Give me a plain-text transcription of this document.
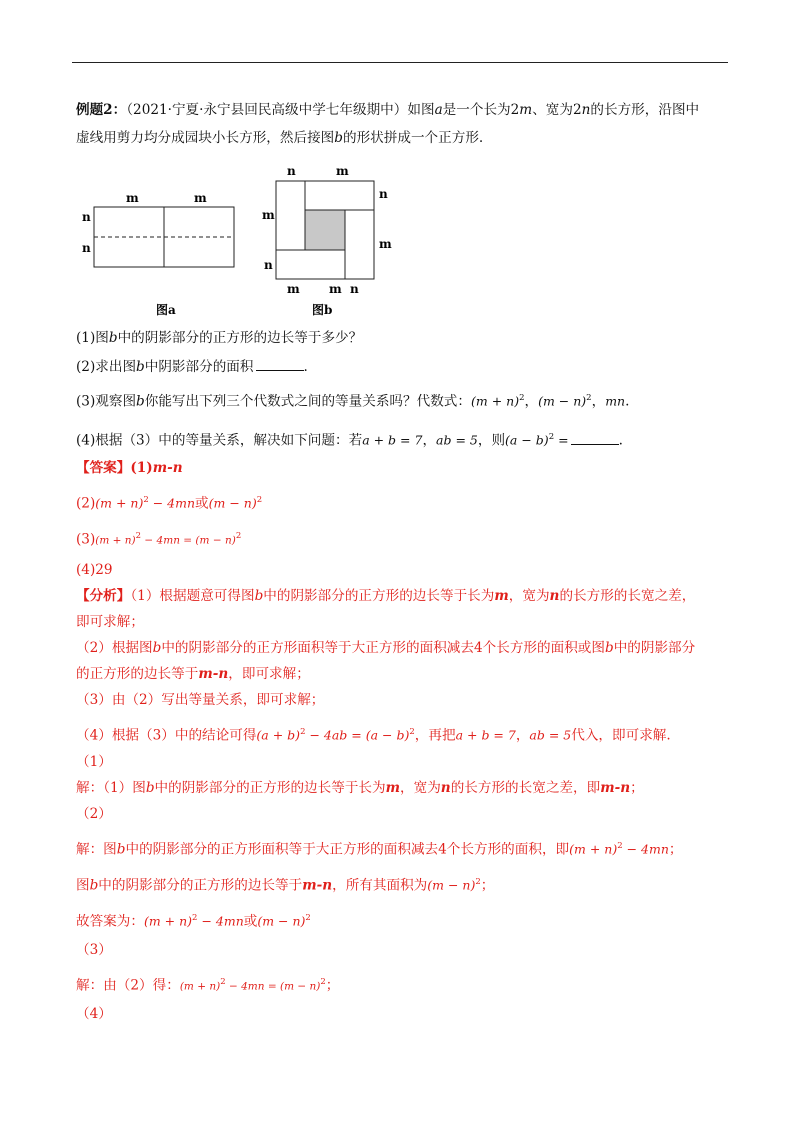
例题2：（2021·宁夏·永宁县回民高级中学七年级期中）如图a是一个长为2m、宽为2n的长方形，沿图中
虚线用剪力均分成园块小长方形，然后接图b的形状拼成一个正方形.
m	m
n
n
图a
n	m
n
m
m
n
m	n
m
图b
(1)图b中的阴影部分的正方形的边长等于多少？
(2)求出图b中阴影部分的面积	.
(3)观察图b你能写出下列三个代数式之间的等量关系吗？代数式：$(m + n)^2$，$(m - n)^2$，mn.
(4)根据（3）中的等量关系，解决如下问题：若a + b = 7，ab = 5，则$(a - b)^2$ =	.
【答案】(1)m-n
$(2)(m + n)^2 - 4mn$或$(m - n)^2$
$(3)(m + n)^2 - 4mn = (m - n)^2$
(4)29
【分析】（1）根据题意可得图b中的阴影部分的正方形的边长等于长为m，宽为n的长方形的长宽之差，
即可求解；
（2）根据图b中的阴影部分的正方形面积等于大正方形的面积减去4个长方形的面积或图b中的阴影部分
的正方形的边长等于m-n，即可求解；
（3）由（2）写出等量关系，即可求解；
（4）根据（3）中的结论可得$(a + b)^2 - 4ab = (a - b)^2$，再把a + b = 7，ab = 5代入，即可求解.
（1）
解：（1）图b中的阴影部分的正方形的边长等于长为m，宽为n的长方形的长宽之差，即m-n；
（2）
解：图b中的阴影部分的正方形面积等于大正方形的面积减去4个长方形的面积，即$(m + n)^2 - 4mn$；
图b中的阴影部分的正方形的边长等于m-n，所有其面积为$(m - n)^2$；
故答案为：$(m + n)^2 - 4mn$或$(m - n)^2$
（3）
解：由（2）得：$(m + n)^2 - 4mn = (m - n)^2$；
（4）
